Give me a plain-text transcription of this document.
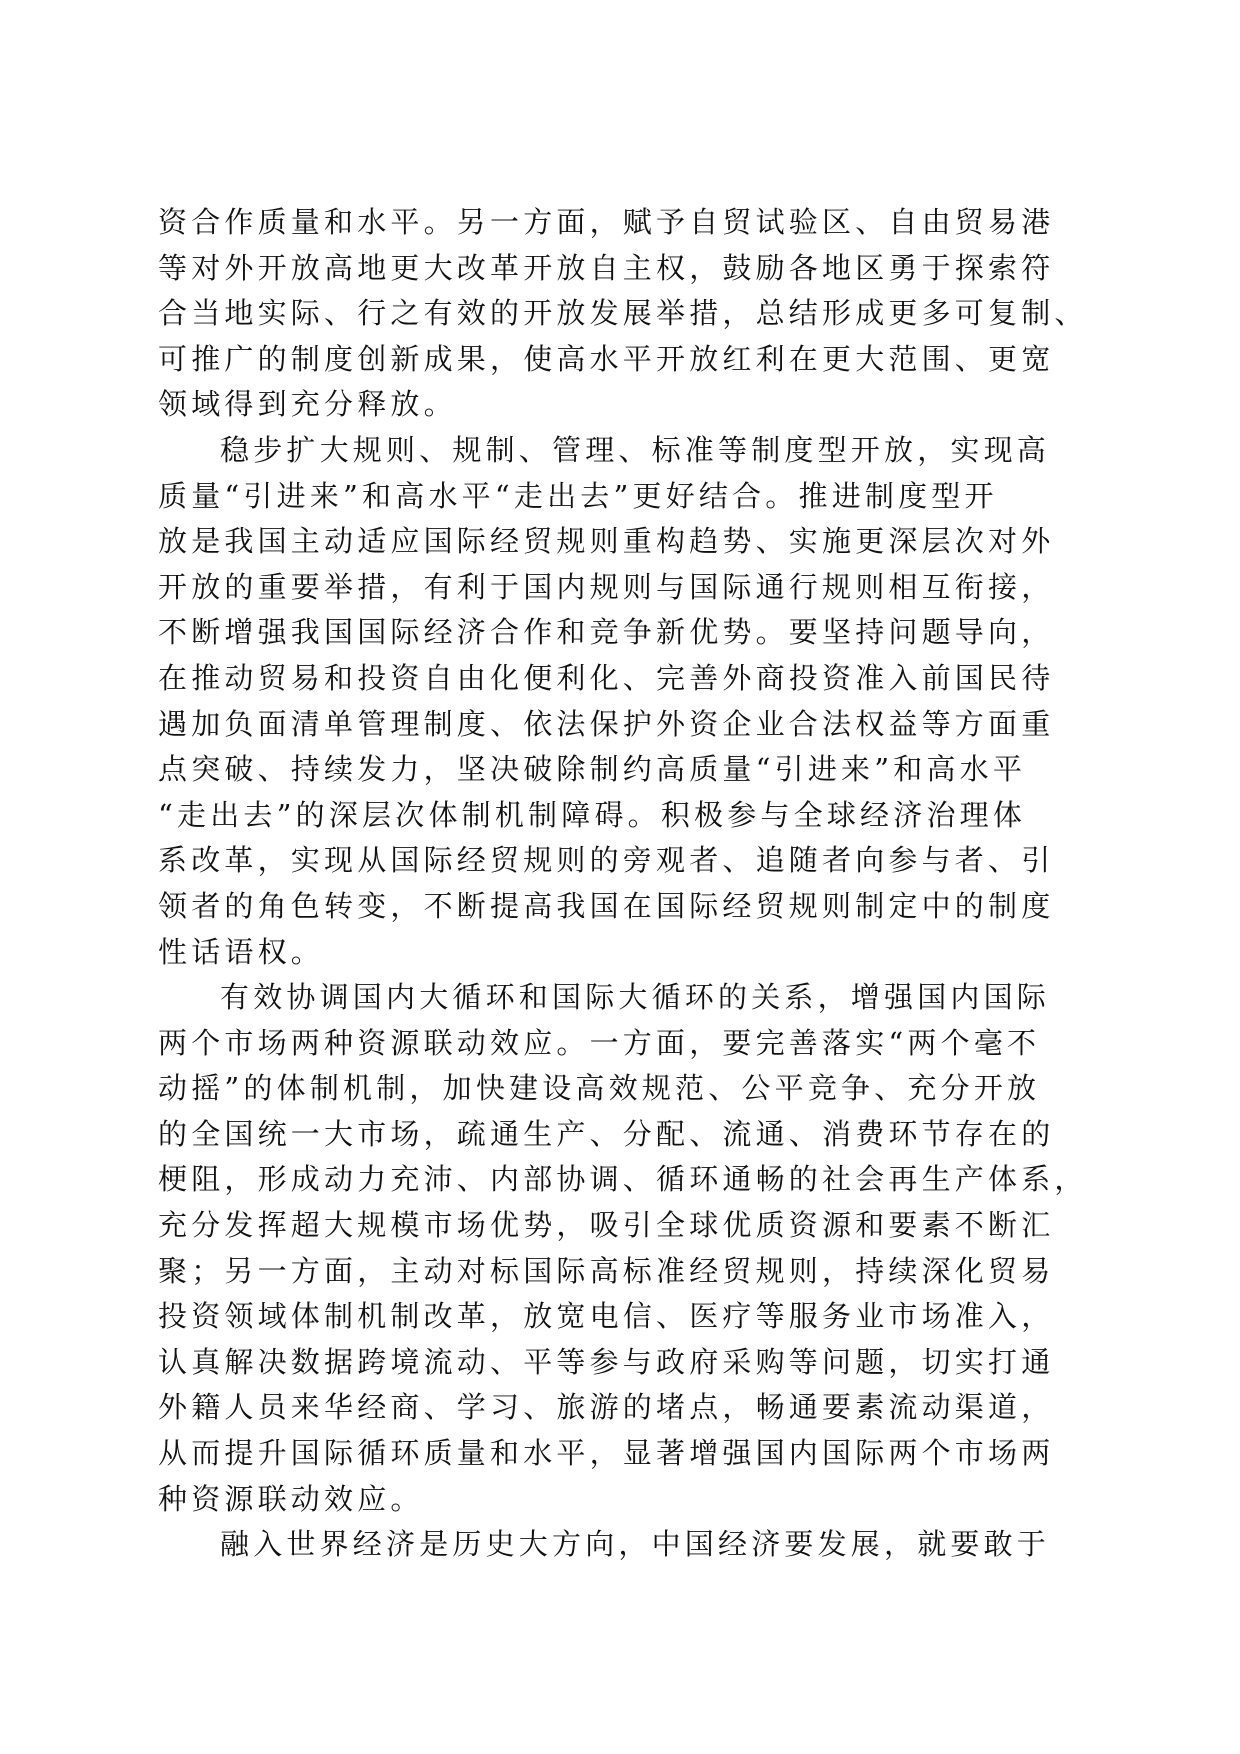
资合作质量和水平。另一方面，赋予自贸试验区、自由贸易港
等对外开放高地更大改革开放自主权，鼓励各地区勇于探索符
合当地实际、行之有效的开放发展举措，总结形成更多可复制、
可推广的制度创新成果，使高水平开放红利在更大范围、更宽
领域得到充分释放。
稳步扩大规则、规制、管理、标准等制度型开放，实现高
质量“引进来”和高水平“走出去”更好结合。推进制度型开
放是我国主动适应国际经贸规则重构趋势、实施更深层次对外
开放的重要举措，有利于国内规则与国际通行规则相互衔接，
不断增强我国国际经济合作和竞争新优势。要坚持问题导向，
在推动贸易和投资自由化便利化、完善外商投资准入前国民待
遇加负面清单管理制度、依法保护外资企业合法权益等方面重
点突破、持续发力，坚决破除制约高质量“引进来”和高水平
“走出去”的深层次体制机制障碍。积极参与全球经济治理体
系改革，实现从国际经贸规则的旁观者、追随者向参与者、引
领者的角色转变，不断提高我国在国际经贸规则制定中的制度
性话语权。
有效协调国内大循环和国际大循环的关系，增强国内国际
两个市场两种资源联动效应。一方面，要完善落实“两个毫不
动摇”的体制机制，加快建设高效规范、公平竞争、充分开放
的全国统一大市场，疏通生产、分配、流通、消费环节存在的
梗阻，形成动力充沛、内部协调、循环通畅的社会再生产体系，
充分发挥超大规模市场优势，吸引全球优质资源和要素不断汇
聚；另一方面，主动对标国际高标准经贸规则，持续深化贸易
投资领域体制机制改革，放宽电信、医疗等服务业市场准入，
认真解决数据跨境流动、平等参与政府采购等问题，切实打通
外籍人员来华经商、学习、旅游的堵点，畅通要素流动渠道，
从而提升国际循环质量和水平，显著增强国内国际两个市场两
种资源联动效应。
融入世界经济是历史大方向，中国经济要发展，就要敢于
